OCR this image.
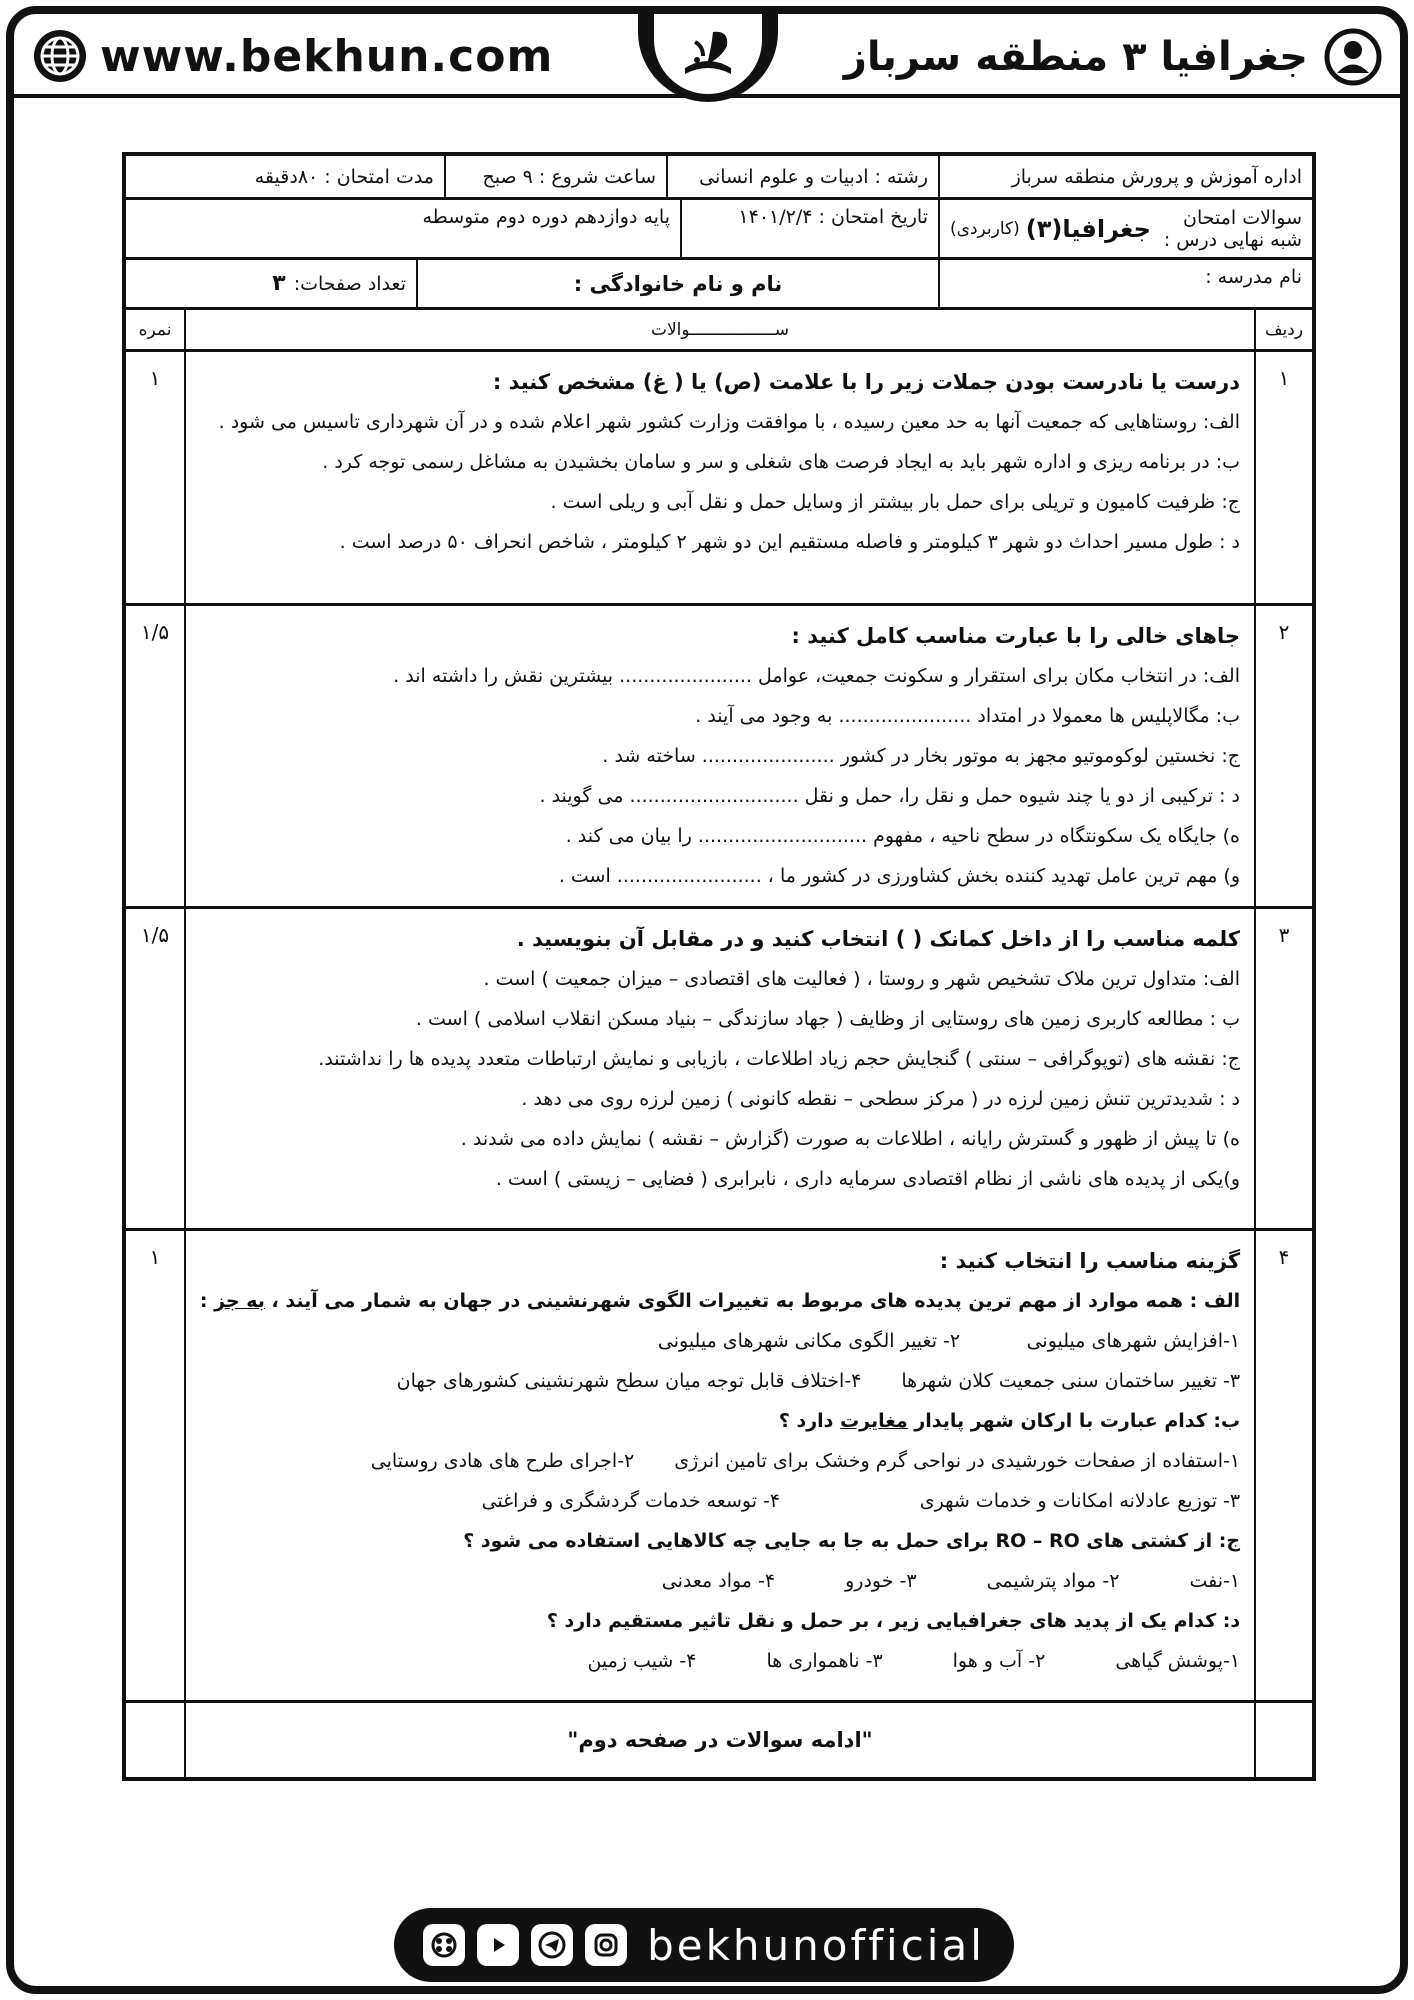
www.bekhun.com	جغرافیا ۳ منطقه سرباز
اداره آموزش و پرورش منطقه سرباز
رشته : ادبیات و علوم انسانی
ساعت شروع : ۹ صبح
مدت امتحان : ۸۰دقیقه
سوالات امتحان شبه نهایی درس :
جغرافیا(۳)
(کاربردی)
تاریخ امتحان : ۱۴۰۱/۲/۴
پایه دوازدهم دوره دوم متوسطه
نام مدرسه :
نام و نام خانوادگی :
تعداد صفحات:
۳
ردیف
ســـــــــــــــــوالات
نمره
۱
درست یا نادرست بودن جملات زیر را با علامت (ص) یا ( غ) مشخص کنید :
الف: روستاهایی که جمعیت آنها به حد معین رسیده ، با موافقت وزارت کشور شهر اعلام شده و در آن شهرداری تاسیس می شود .
ب: در برنامه ریزی و اداره شهر باید به ایجاد فرصت های شغلی و سر و سامان بخشیدن به مشاغل رسمی توجه کرد .
ج: ظرفیت کامیون و تریلی برای حمل بار بیشتر از وسایل حمل و نقل آبی و ریلی است .
د : طول مسیر احداث دو شهر ۳ کیلومتر و فاصله مستقیم این دو شهر ۲ کیلومتر ، شاخص انحراف ۵۰ درصد است .
۱
۲
جاهای خالی را با عبارت مناسب کامل کنید :
الف: در انتخاب مکان برای استقرار و سکونت جمعیت، عوامل ...................... بیشترین نقش را داشته اند .
ب: مگالاپلیس ها معمولا در امتداد ...................... به وجود می آیند .
ج: نخستین لوکوموتیو مجهز به موتور بخار در کشور ...................... ساخته شد .
د : ترکیبی از دو یا چند شیوه حمل و نقل را، حمل و نقل ............................ می گویند .
ه) جایگاه یک سکونتگاه در سطح ناحیه ، مفهوم ............................ را بیان می کند .
و) مهم ترین عامل تهدید کننده بخش کشاورزی در کشور ما ، ........................ است .
۱/۵
۳
کلمه مناسب را از داخل کمانک ( ) انتخاب کنید و در مقابل آن بنویسید .
الف: متداول ترین ملاک تشخیص شهر و روستا ، ( فعالیت های اقتصادی – میزان جمعیت ) است .
ب : مطالعه کاربری زمین های روستایی از وظایف ( جهاد سازندگی – بنیاد مسکن انقلاب اسلامی ) است .
ج: نقشه های (توپوگرافی – سنتی ) گنجایش حجم زیاد اطلاعات ، بازیابی و نمایش ارتباطات متعدد پدیده ها را نداشتند.
د : شدیدترین تنش زمین لرزه در ( مرکز سطحی – نقطه کانونی ) زمین لرزه روی می دهد .
ه) تا پیش از ظهور و گسترش رایانه ، اطلاعات به صورت (گزارش – نقشه ) نمایش داده می شدند .
و)یکی از پدیده های ناشی از نظام اقتصادی سرمایه داری ، نابرابری ( فضایی – زیستی ) است .
۱/۵
۴
گزینه مناسب را انتخاب کنید :
الف : همه موارد از مهم ترین پدیده های مربوط به تغییرات الگوی شهرنشینی در جهان به شمار می آیند ، به جز :
۱-افزایش شهرهای میلیونی
۲- تغییر الگوی مکانی شهرهای میلیونی
۳- تغییر ساختمان سنی جمعیت کلان شهرها
۴-اختلاف قابل توجه میان سطح شهرنشینی کشورهای جهان
ب: کدام عبارت با ارکان شهر پایدار مغایرت دارد ؟
۱-استفاده از صفحات خورشیدی در نواحی گرم وخشک برای تامین انرژی
۲-اجرای طرح های هادی روستایی
۳- توزیع عادلانه امکانات و خدمات شهری
۴- توسعه خدمات گردشگری و فراغتی
ج: از کشتی های RO – RO برای حمل به جا به جایی چه کالاهایی استفاده می شود ؟
۱-نفت
۲- مواد پترشیمی
۳- خودرو
۴- مواد معدنی
د: کدام یک از پدید های جغرافیایی زیر ، بر حمل و نقل تاثیر مستقیم دارد ؟
۱-پوشش گیاهی
۲- آب و هوا
۳- ناهمواری ها
۴- شیب زمین
۱
"ادامه سوالات در صفحه دوم"
bekhunofficial
